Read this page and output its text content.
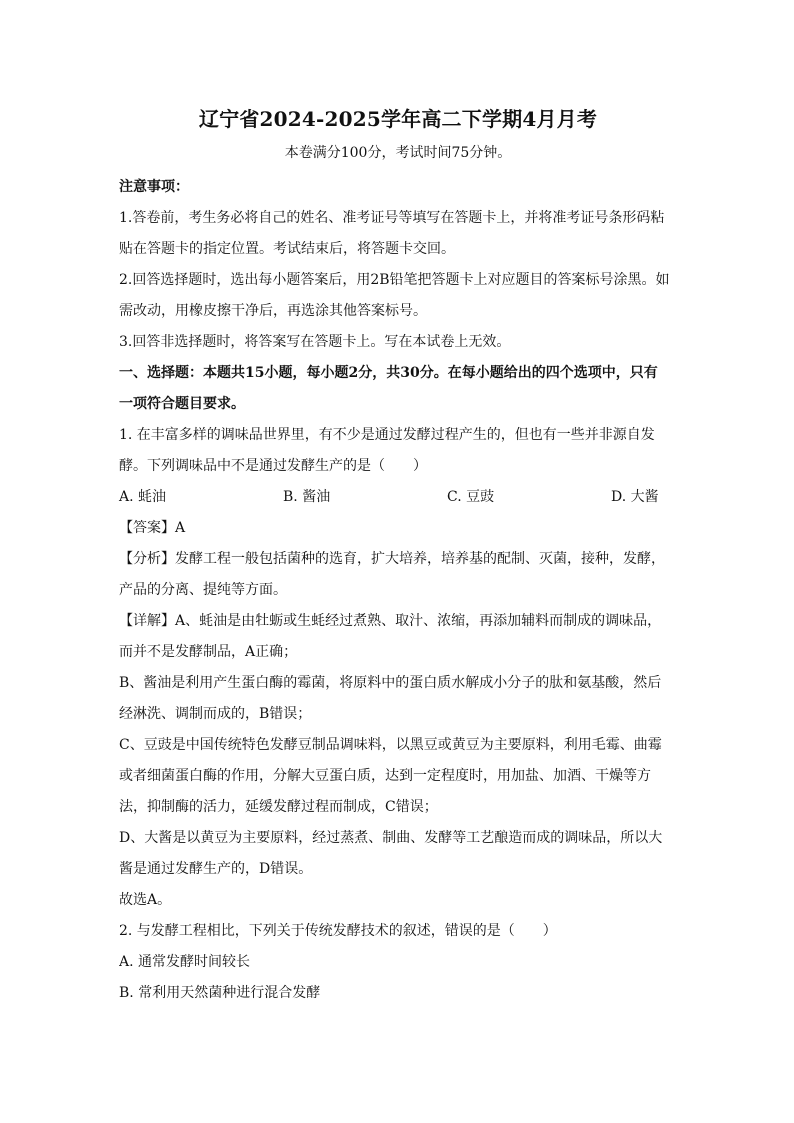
辽宁省2024-2025学年高二下学期4月月考
本卷满分100分，考试时间75分钟。
注意事项：
1.答卷前，考生务必将自己的姓名、准考证号等填写在答题卡上，并将准考证号条形码粘
贴在答题卡的指定位置。考试结束后，将答题卡交回。
2.回答选择题时，选出每小题答案后，用2B铅笔把答题卡上对应题目的答案标号涂黑。如
需改动，用橡皮擦干净后，再选涂其他答案标号。
3.回答非选择题时，将答案写在答题卡上。写在本试卷上无效。
一、选择题：本题共15小题，每小题2分，共30分。在每小题给出的四个选项中，只有
一项符合题目要求。
1. 在丰富多样的调味品世界里，有不少是通过发酵过程产生的，但也有一些并非源自发
酵。下列调味品中不是通过发酵生产的是（　　）
A. 蚝油	B. 酱油	C. 豆豉	D. 大酱
【答案】A
【分析】发酵工程一般包括菌种的选育，扩大培养，培养基的配制、灭菌，接种，发酵，
产品的分离、提纯等方面。
【详解】A、蚝油是由牡蛎或生蚝经过煮熟、取汁、浓缩，再添加辅料而制成的调味品，
而并不是发酵制品，A正确；
B、酱油是利用产生蛋白酶的霉菌，将原料中的蛋白质水解成小分子的肽和氨基酸，然后
经淋洗、调制而成的，B错误；
C、豆豉是中国传统特色发酵豆制品调味料，以黑豆或黄豆为主要原料，利用毛霉、曲霉
或者细菌蛋白酶的作用，分解大豆蛋白质，达到一定程度时，用加盐、加酒、干燥等方
法，抑制酶的活力，延缓发酵过程而制成，C错误；
D、大酱是以黄豆为主要原料，经过蒸煮、制曲、发酵等工艺酿造而成的调味品，所以大
酱是通过发酵生产的，D错误。
故选A。
2. 与发酵工程相比，下列关于传统发酵技术的叙述，错误的是（　　）
A. 通常发酵时间较长
B. 常利用天然菌种进行混合发酵
